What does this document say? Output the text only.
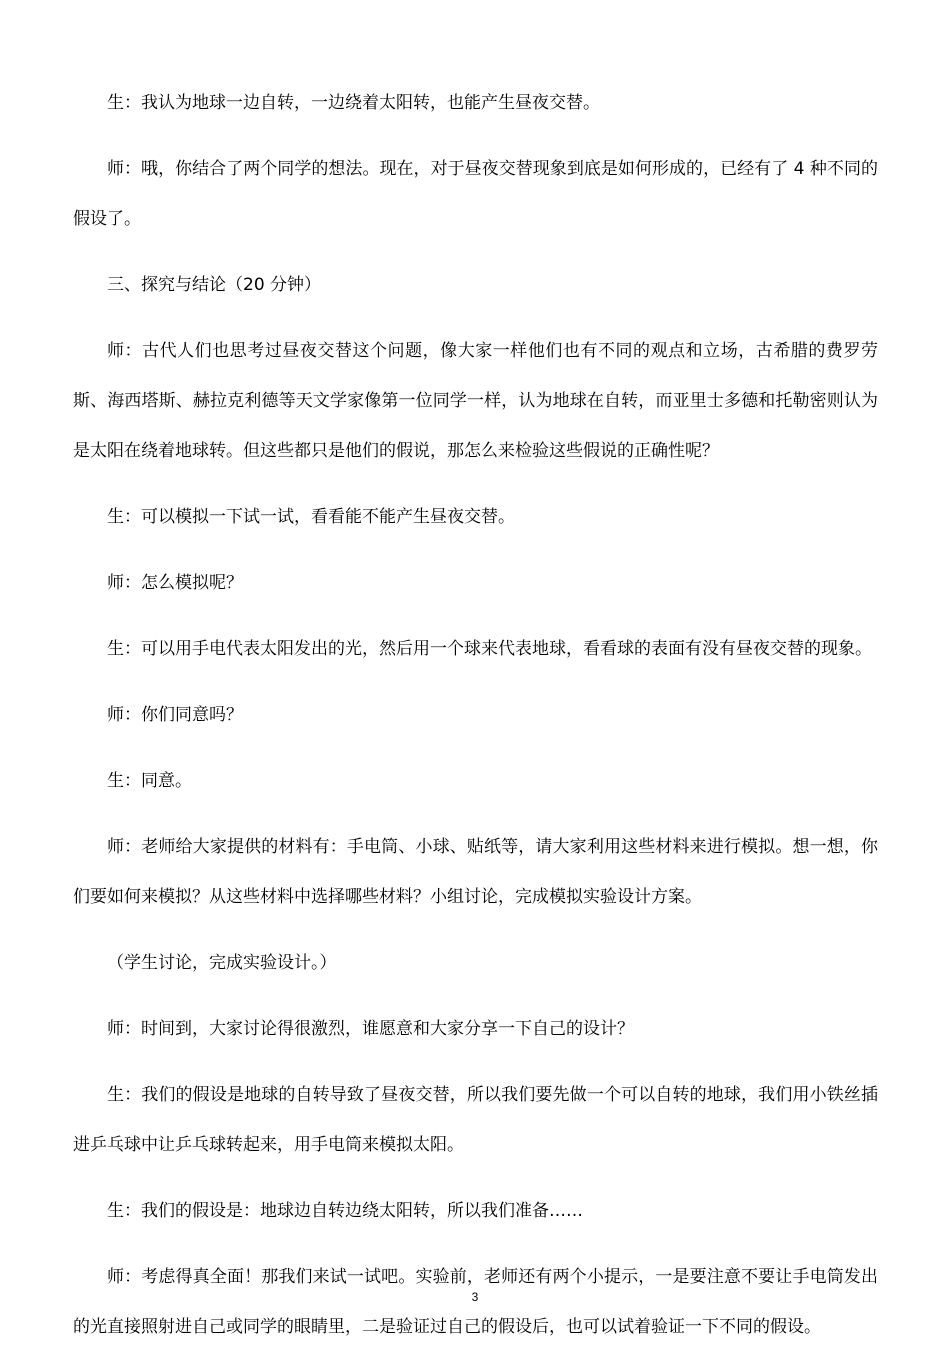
生：我认为地球一边自转，一边绕着太阳转，也能产生昼夜交替。

师：哦，你结合了两个同学的想法。现在，对于昼夜交替现象到底是如何形成的，已经有了 4 种不同的假设了。

三、探究与结论（20 分钟）

师：古代人们也思考过昼夜交替这个问题，像大家一样他们也有不同的观点和立场，古希腊的费罗劳斯、海西塔斯、赫拉克利德等天文学家像第一位同学一样，认为地球在自转，而亚里士多德和托勒密则认为是太阳在绕着地球转。但这些都只是他们的假说，那怎么来检验这些假说的正确性呢？

生：可以模拟一下试一试，看看能不能产生昼夜交替。

师：怎么模拟呢？

生：可以用手电代表太阳发出的光，然后用一个球来代表地球，看看球的表面有没有昼夜交替的现象。

师：你们同意吗？

生：同意。

师：老师给大家提供的材料有：手电筒、小球、贴纸等，请大家利用这些材料来进行模拟。想一想，你们要如何来模拟？从这些材料中选择哪些材料？小组讨论，完成模拟实验设计方案。

（学生讨论，完成实验设计。）

师：时间到，大家讨论得很激烈，谁愿意和大家分享一下自己的设计？

生：我们的假设是地球的自转导致了昼夜交替，所以我们要先做一个可以自转的地球，我们用小铁丝插进乒乓球中让乒乓球转起来，用手电筒来模拟太阳。

生：我们的假设是：地球边自转边绕太阳转，所以我们准备……

师：考虑得真全面！那我们来试一试吧。实验前，老师还有两个小提示，一是要注意不要让手电筒发出的光直接照射进自己或同学的眼睛里，二是验证过自己的假设后，也可以试着验证一下不同的假设。

3
